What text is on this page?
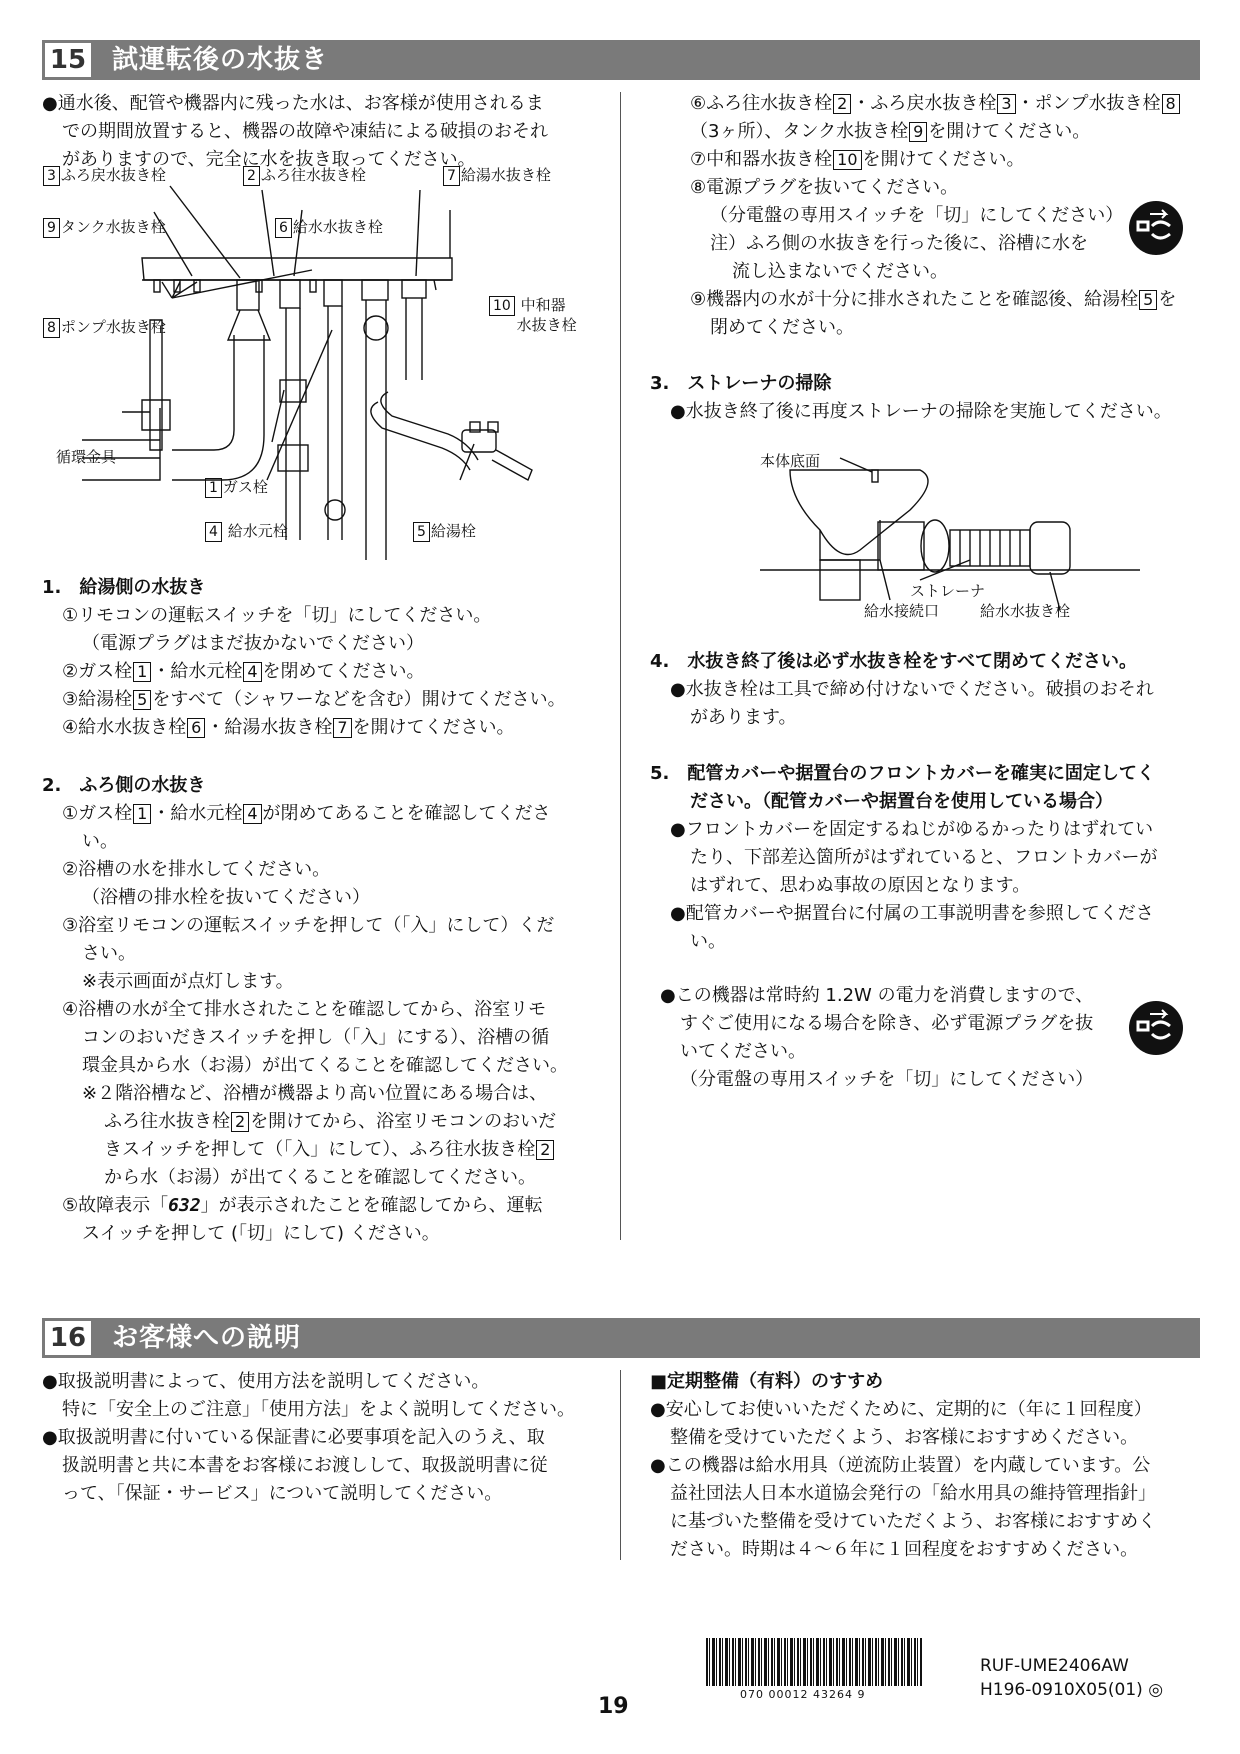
15 試運転後の水抜き

●通水後、配管や機器内に残った水は、お客様が使用されるま

での期間放置すると、機器の故障や凍結による破損のおそれ

がありますので、完全に水を抜き取ってください。

3 ふろ戻水抜き栓	2 ふろ往水抜き栓	7 給湯水抜き栓
9 タンク水抜き栓	6 給水水抜き栓
10 中和器
水抜き栓
8 ポンプ水抜き栓
循環金具
1 ガス栓
4 給水元栓	5 給湯栓

1.　給湯側の水抜き

①リモコンの運転スイッチを「切」にしてください。

（電源プラグはまだ抜かないでください）

②ガス栓 1 ・給水元栓 4 を閉めてください。

③給湯栓 5 をすべて（シャワーなどを含む）開けてください。

④給水水抜き栓 6 ・給湯水抜き栓 7 を開けてください。

2.　ふろ側の水抜き

①ガス栓 1 ・給水元栓 4 が閉めてあることを確認してくださ

い。

②浴槽の水を排水してください。

（浴槽の排水栓を抜いてください）

③浴室リモコンの運転スイッチを押して（「入」にして）くだ

さい。

※表示画面が点灯します。

④浴槽の水が全て排水されたことを確認してから、浴室リモ

コンのおいだきスイッチを押し（「入」にする）、浴槽の循

環金具から水（お湯）が出てくることを確認してください。

※２階浴槽など、浴槽が機器より高い位置にある場合は、

ふろ往水抜き栓 2 を開けてから、浴室リモコンのおいだ

きスイッチを押して（「入」にして）、ふろ往水抜き栓 2

から水（お湯）が出てくることを確認してください。

⑤故障表示「632」が表示されたことを確認してから、運転

スイッチを押して (「切」にして) ください。

⑥ふろ往水抜き栓 2 ・ふろ戻水抜き栓 3 ・ポンプ水抜き栓 8

（3ヶ所）、タンク水抜き栓 9 を開けてください。

⑦中和器水抜き栓 10 を開けてください。

⑧電源プラグを抜いてください。

（分電盤の専用スイッチを「切」にしてください）

注）ふろ側の水抜きを行った後に、浴槽に水を

流し込まないでください。

⑨機器内の水が十分に排水されたことを確認後、給湯栓 5 を

閉めてください。

3.　ストレーナの掃除

●水抜き終了後に再度ストレーナの掃除を実施してください。

本体底面
ストレーナ
給水接続口	給水水抜き栓

4.　水抜き終了後は必ず水抜き栓をすべて閉めてください。

●水抜き栓は工具で締め付けないでください。破損のおそれ

があります。

5.　配管カバーや据置台のフロントカバーを確実に固定してく

ださい。（配管カバーや据置台を使用している場合）

●フロントカバーを固定するねじがゆるかったりはずれてい

たり、下部差込箇所がはずれていると、フロントカバーが

はずれて、思わぬ事故の原因となります。

●配管カバーや据置台に付属の工事説明書を参照してくださ

い。

●この機器は常時約 1.2W の電力を消費しますので、

すぐご使用になる場合を除き、必ず電源プラグを抜

いてください。

（分電盤の専用スイッチを「切」にしてください）

16 お客様への説明

●取扱説明書によって、使用方法を説明してください。

特に「安全上のご注意」「使用方法」をよく説明してください。

●取扱説明書に付いている保証書に必要事項を記入のうえ、取

扱説明書と共に本書をお客様にお渡しして、取扱説明書に従

って、「保証・サービス」について説明してください。

■定期整備（有料）のすすめ

●安心してお使いいただくために、定期的に（年に１回程度）

整備を受けていただくよう、お客様におすすめください。

●この機器は給水用具（逆流防止装置）を内蔵しています。公

益社団法人日本水道協会発行の「給水用具の維持管理指針」

に基づいた整備を受けていただくよう、お客様におすすめく

ださい。時期は４～６年に１回程度をおすすめください。

19	070 00012 43264 9
RUF-UME2406AW
H196-0910X05(01) ◎
